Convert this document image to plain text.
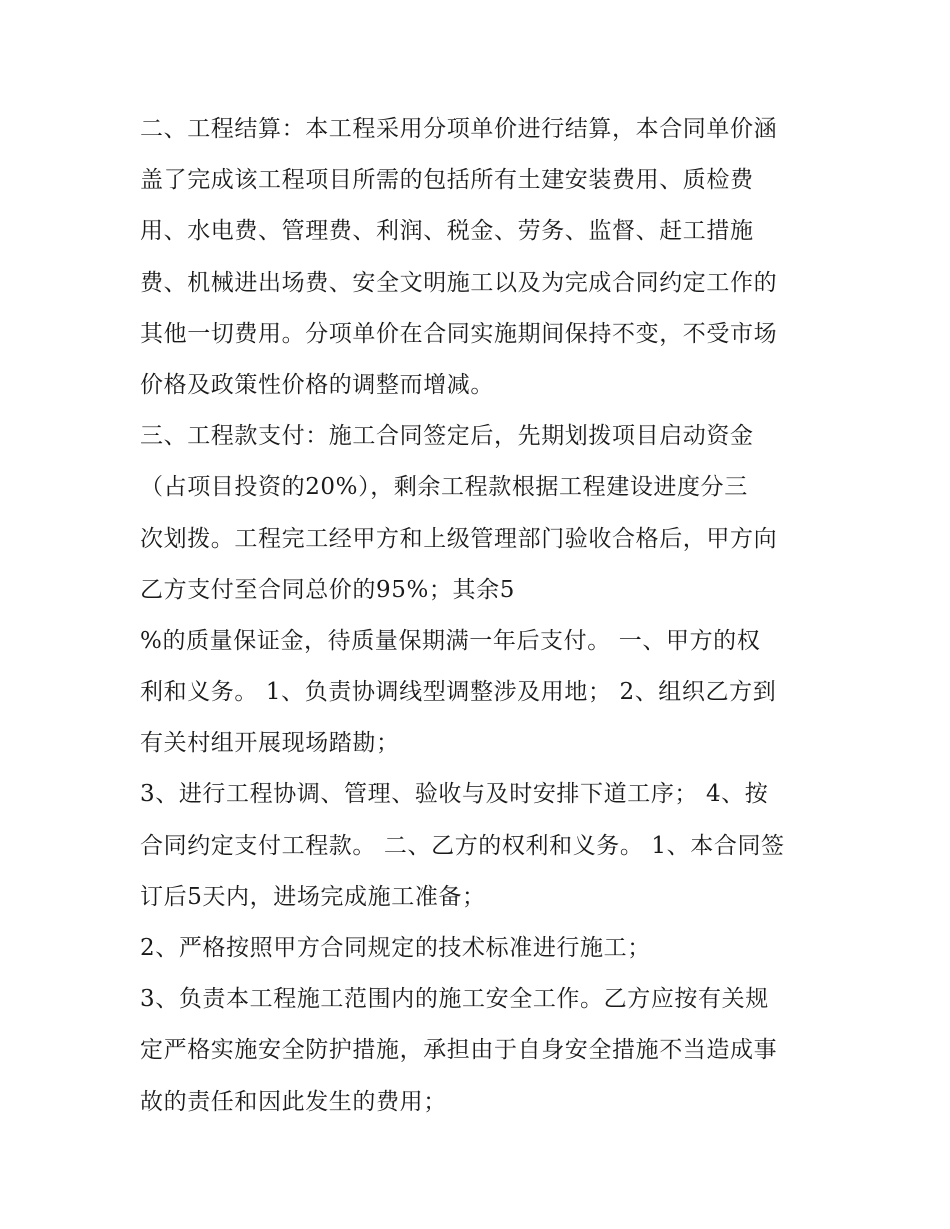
二、工程结算：本工程采用分项单价进行结算，本合同单价涵
盖了完成该工程项目所需的包括所有土建安装费用、质检费
用、水电费、管理费、利润、税金、劳务、监督、赶工措施
费、机械进出场费、安全文明施工以及为完成合同约定工作的
其他一切费用。分项单价在合同实施期间保持不变，不受市场
价格及政策性价格的调整而增减。
三、工程款支付：施工合同签定后，先期划拨项目启动资金
（占项目投资的20%），剩余工程款根据工程建设进度分三
次划拨。工程完工经甲方和上级管理部门验收合格后，甲方向
乙方支付至合同总价的95%；其余5
%的质量保证金，待质量保期满一年后支付。 一、甲方的权
利和义务。 1、负责协调线型调整涉及用地； 2、组织乙方到
有关村组开展现场踏勘；
3、进行工程协调、管理、验收与及时安排下道工序； 4、按
合同约定支付工程款。 二、乙方的权利和义务。 1、本合同签
订后5天内，进场完成施工准备；
2、严格按照甲方合同规定的技术标准进行施工；
3、负责本工程施工范围内的施工安全工作。乙方应按有关规
定严格实施安全防护措施，承担由于自身安全措施不当造成事
故的责任和因此发生的费用；
